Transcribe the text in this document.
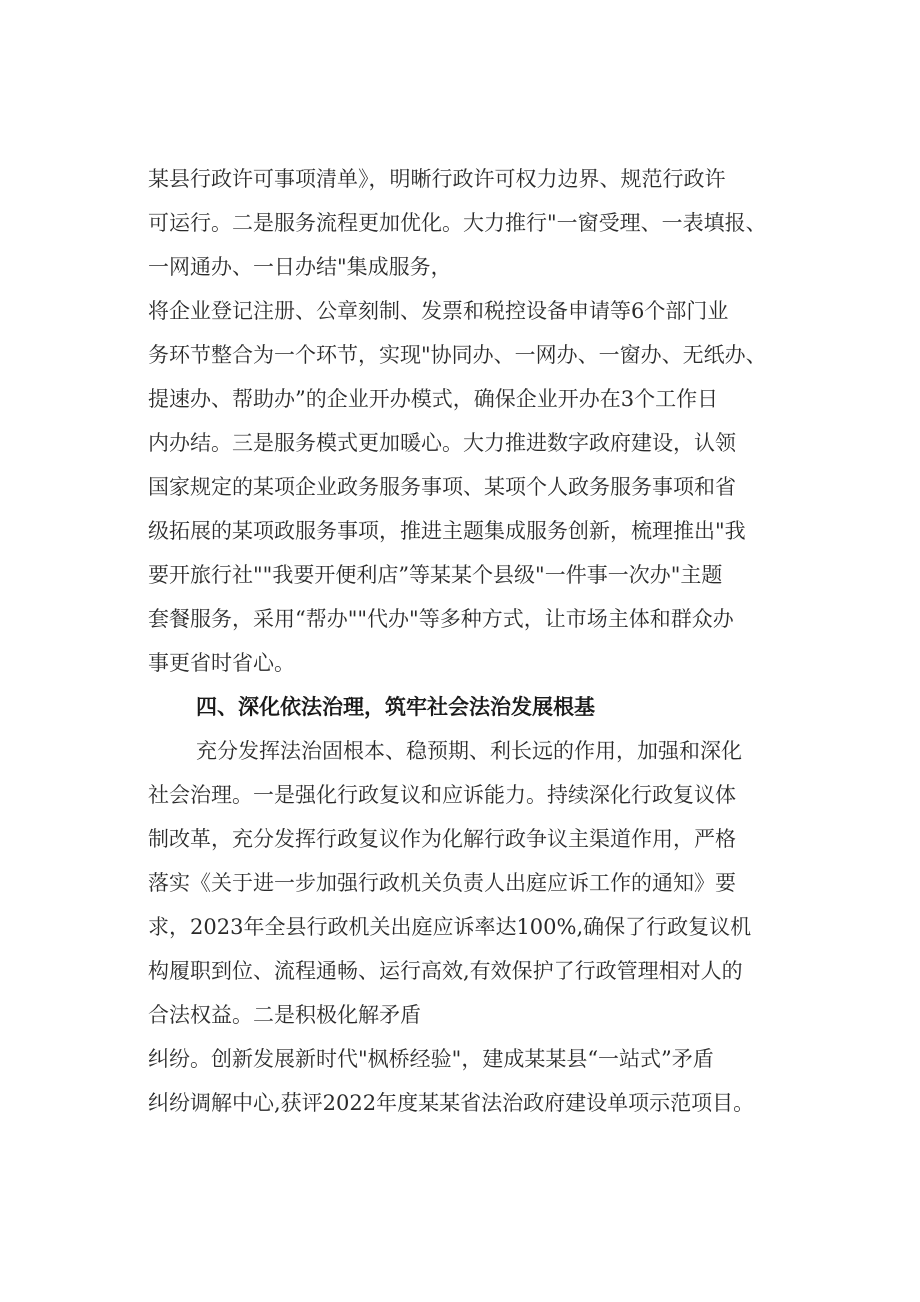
某县行政许可事项清单》，明晰行政许可权力边界、规范行政许
可运行。二是服务流程更加优化。大力推行"一窗受理、一表填报、
一网通办、一日办结"集成服务，
将企业登记注册、公章刻制、发票和税控设备申请等6个部门业
务环节整合为一个环节，实现"协同办、一网办、一窗办、无纸办、
提速办、帮助办”的企业开办模式，确保企业开办在3个工作日
内办结。三是服务模式更加暖心。大力推进数字政府建设，认领
国家规定的某项企业政务服务事项、某项个人政务服务事项和省
级拓展的某项政服务事项，推进主题集成服务创新，梳理推出"我
要开旅行社""我要开便利店”等某某个县级"一件事一次办"主题
套餐服务，采用“帮办""代办"等多种方式，让市场主体和群众办
事更省时省心。
四、深化依法治理，筑牢社会法治发展根基
充分发挥法治固根本、稳预期、利长远的作用，加强和深化
社会治理。一是强化行政复议和应诉能力。持续深化行政复议体
制改革，充分发挥行政复议作为化解行政争议主渠道作用，严格
落实《关于进一步加强行政机关负责人出庭应诉工作的通知》要
求，2023年全县行政机关出庭应诉率达100%,确保了行政复议机
构履职到位、流程通畅、运行高效,有效保护了行政管理相对人的
合法权益。二是积极化解矛盾
纠纷。创新发展新时代"枫桥经验"，建成某某县“一站式”矛盾
纠纷调解中心,获评2022年度某某省法治政府建设单项示范项目。
